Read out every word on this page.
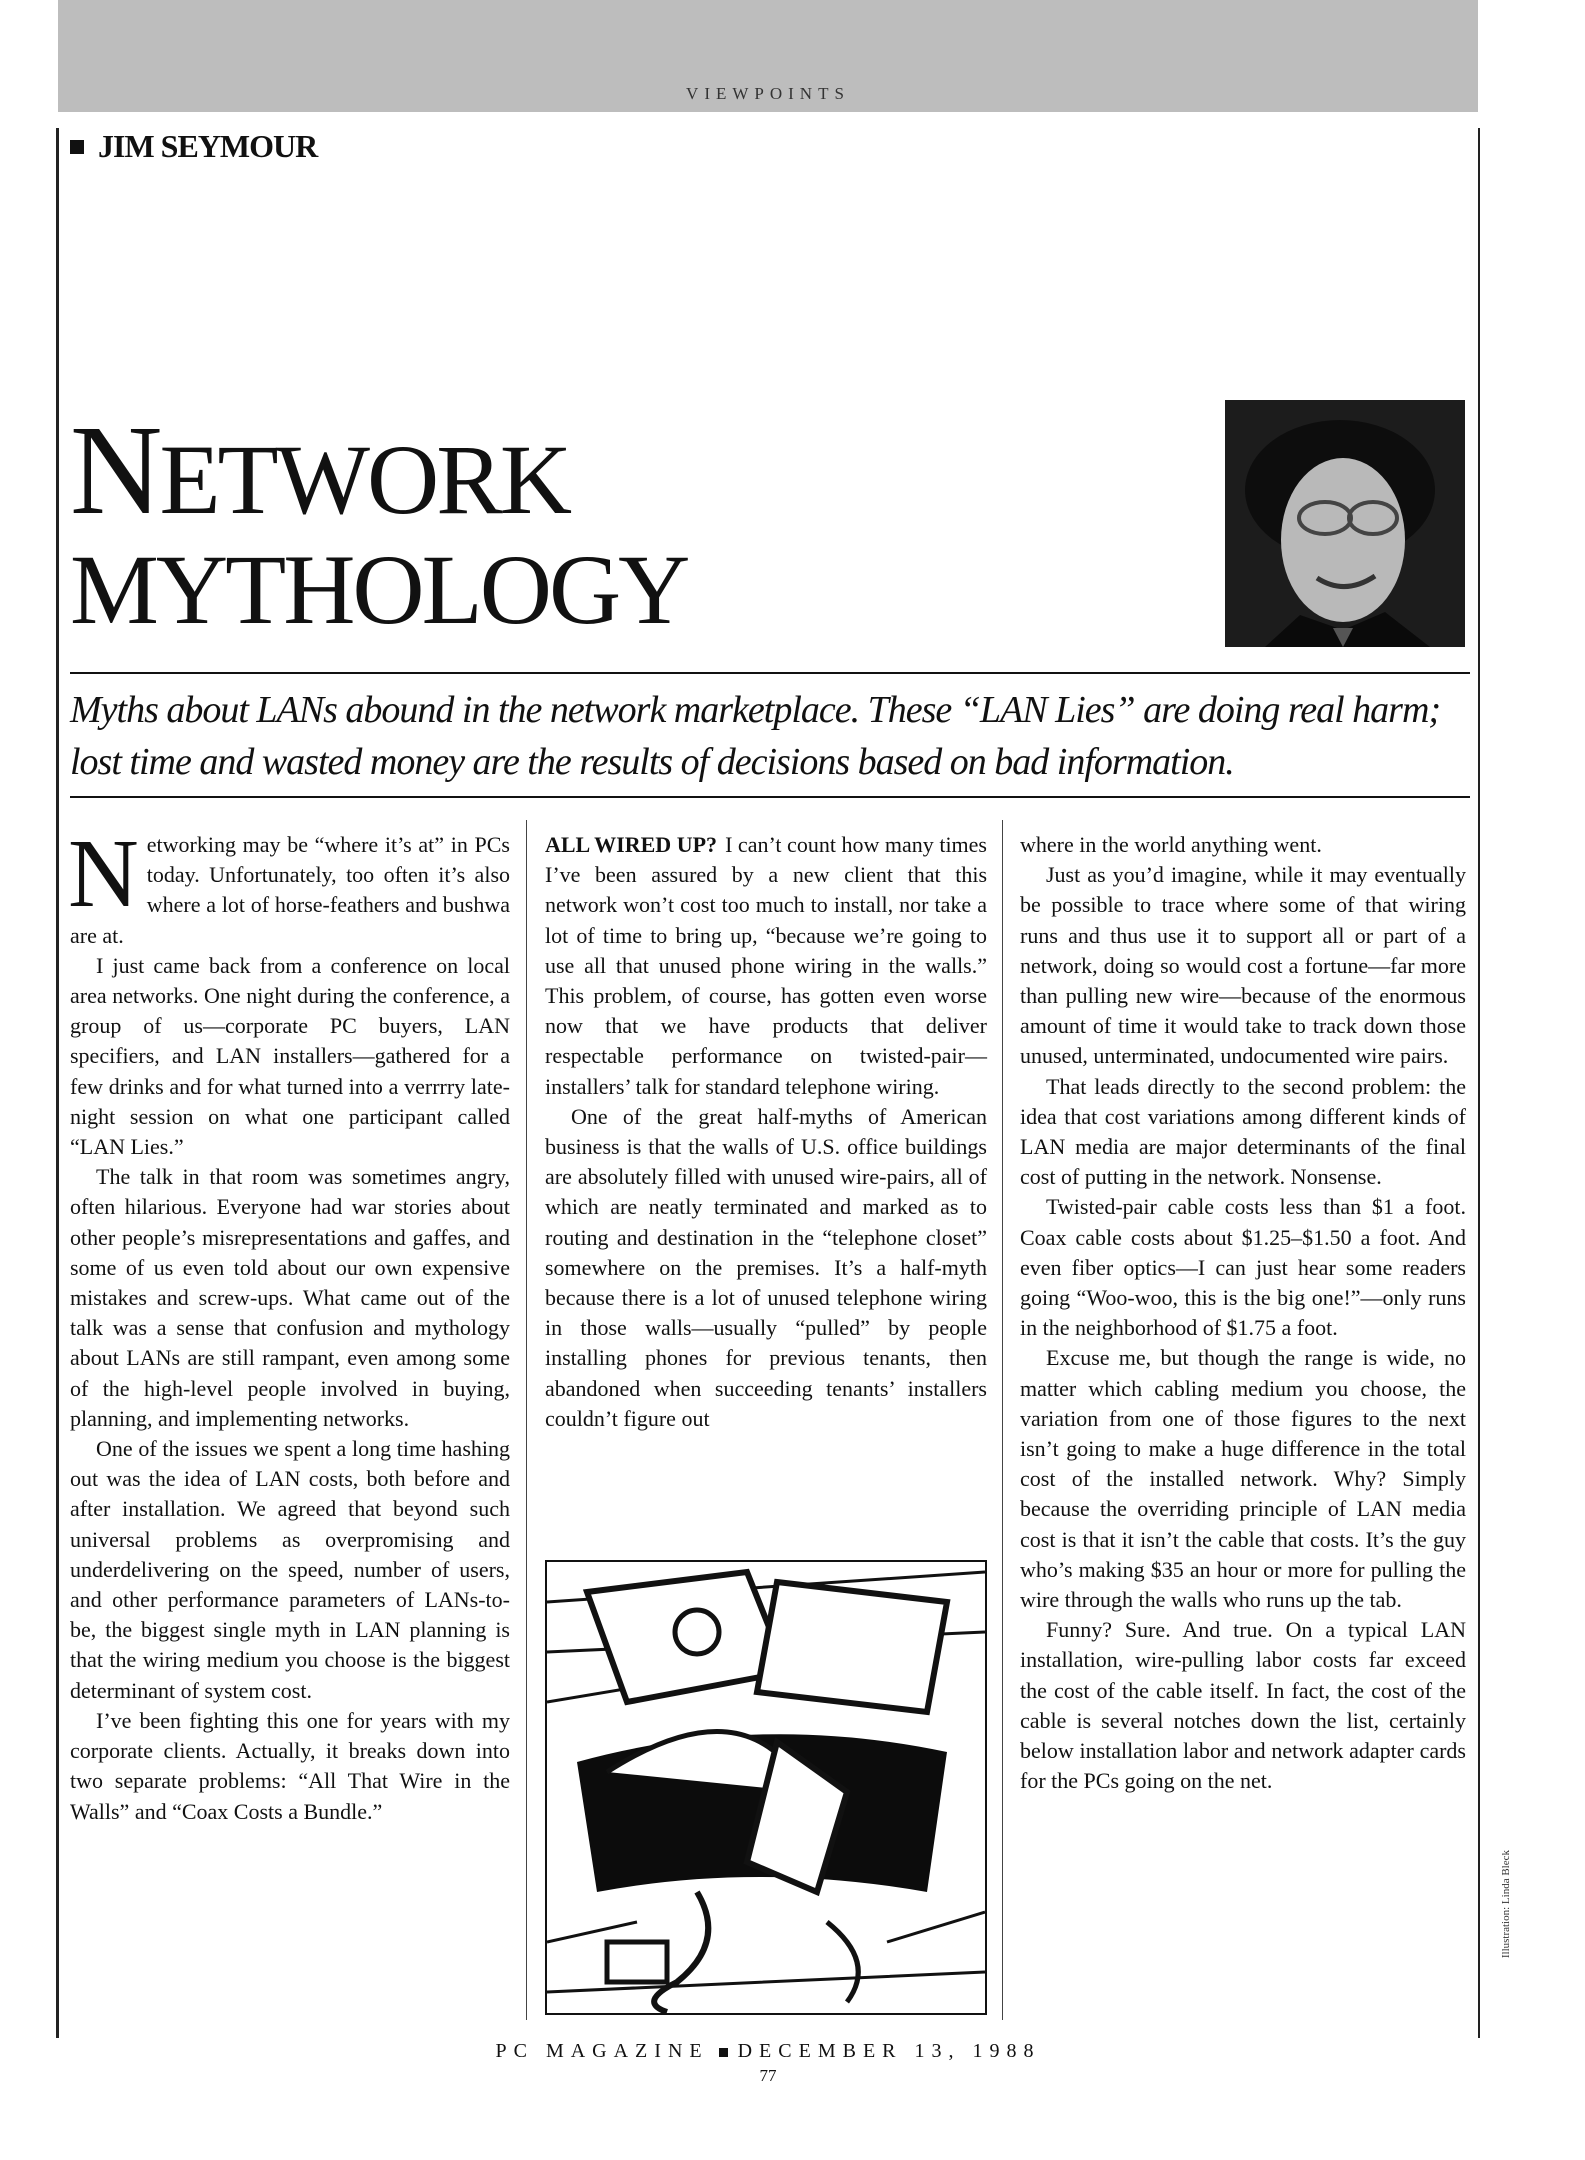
VIEWPOINTS
JIM SEYMOUR
NETWORK
MYTHOLOGY
Myths about LANs abound in the network marketplace. These “LAN Lies” are doing real harm; lost time and wasted money are the results of decisions based on bad information.

Networking may be “where it’s at” in PCs today. Unfortunately, too often it’s also where a lot of horse-feathers and bushwa are at.

I just came back from a conference on local area networks. One night during the conference, a group of us—corporate PC buyers, LAN specifiers, and LAN installers—gathered for a few drinks and for what turned into a verrrry late-night session on what one participant called “LAN Lies.”

The talk in that room was sometimes angry, often hilarious. Everyone had war stories about other people’s misrepresentations and gaffes, and some of us even told about our own expensive mistakes and screw-ups. What came out of the talk was a sense that confusion and mythology about LANs are still rampant, even among some of the high-level people involved in buying, planning, and implementing networks.

One of the issues we spent a long time hashing out was the idea of LAN costs, both before and after installation. We agreed that beyond such universal problems as overpromising and underdelivering on the speed, number of users, and other performance parameters of LANs-to-be, the biggest single myth in LAN planning is that the wiring medium you choose is the biggest determinant of system cost.

I’ve been fighting this one for years with my corporate clients. Actually, it breaks down into two separate problems: “All That Wire in the Walls” and “Coax Costs a Bundle.”

ALL WIRED UP? I can’t count how many times I’ve been assured by a new client that this network won’t cost too much to install, nor take a lot of time to bring up, “because we’re going to use all that unused phone wiring in the walls.” This problem, of course, has gotten even worse now that we have products that deliver respectable performance on twisted-pair—installers’ talk for standard telephone wiring.

One of the great half-myths of American business is that the walls of U.S. office buildings are absolutely filled with unused wire-pairs, all of which are neatly terminated and marked as to routing and destination in the “telephone closet” somewhere on the premises. It’s a half-myth because there is a lot of unused telephone wiring in those walls—usually “pulled” by people installing phones for previous tenants, then abandoned when succeeding tenants’ installers couldn’t figure out

where in the world anything went.

Just as you’d imagine, while it may eventually be possible to trace where some of that wiring runs and thus use it to support all or part of a network, doing so would cost a fortune—far more than pulling new wire—because of the enormous amount of time it would take to track down those unused, unterminated, undocumented wire pairs.

That leads directly to the second problem: the idea that cost variations among different kinds of LAN media are major determinants of the final cost of putting in the network. Nonsense.

Twisted-pair cable costs less than $1 a foot. Coax cable costs about $1.25–$1.50 a foot. And even fiber optics—I can just hear some readers going “Woo-woo, this is the big one!”—only runs in the neighborhood of $1.75 a foot.

Excuse me, but though the range is wide, no matter which cabling medium you choose, the variation from one of those figures to the next isn’t going to make a huge difference in the total cost of the installed network. Why? Simply because the overriding principle of LAN media cost is that it isn’t the cable that costs. It’s the guy who’s making $35 an hour or more for pulling the wire through the walls who runs up the tab.

Funny? Sure. And true. On a typical LAN installation, wire-pulling labor costs far exceed the cost of the cable itself. In fact, the cost of the cable is several notches down the list, certainly below installation labor and network adapter cards for the PCs going on the net.

Illustration: Linda Bleck
PC MAGAZINE DECEMBER 13, 1988
77
